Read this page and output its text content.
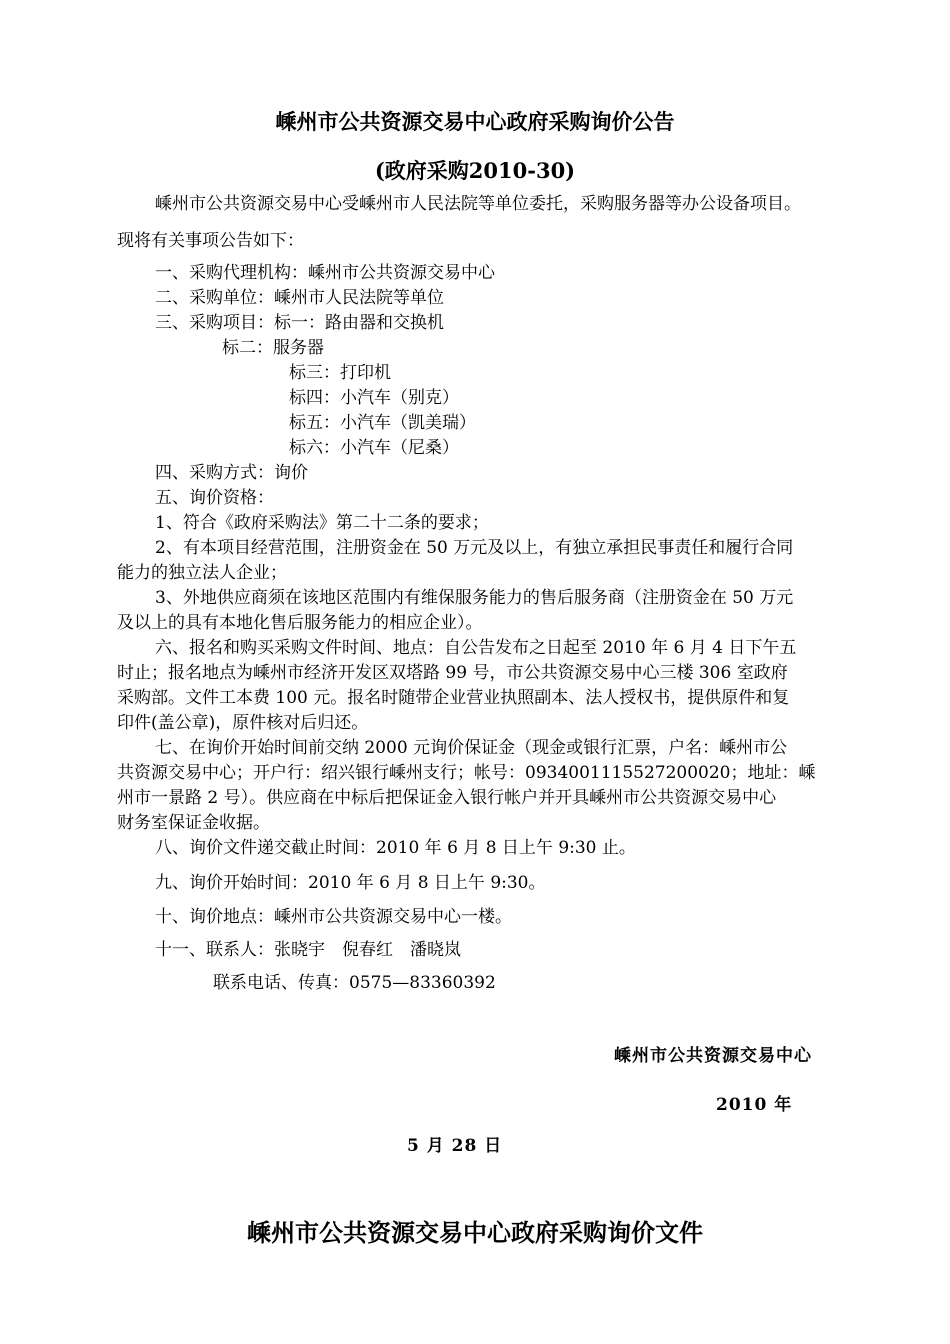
嵊州市公共资源交易中心政府采购询价公告
(政府采购2010-30)
嵊州市公共资源交易中心受嵊州市人民法院等单位委托，采购服务器等办公设备项目。
现将有关事项公告如下：
一、采购代理机构：嵊州市公共资源交易中心
二、采购单位：嵊州市人民法院等单位
三、采购项目：标一：路由器和交换机
标二：服务器
标三：打印机
标四：小汽车（别克）
标五：小汽车（凯美瑞）
标六：小汽车（尼桑）
四、采购方式：询价
五、询价资格：
1、符合《政府采购法》第二十二条的要求；
2、有本项目经营范围，注册资金在 50 万元及以上，有独立承担民事责任和履行合同
能力的独立法人企业；
3、外地供应商须在该地区范围内有维保服务能力的售后服务商（注册资金在 50 万元
及以上的具有本地化售后服务能力的相应企业）。
六、报名和购买采购文件时间、地点：自公告发布之日起至 2010 年 6 月 4 日下午五
时止；报名地点为嵊州市经济开发区双塔路 99 号，市公共资源交易中心三楼 306 室政府
采购部。文件工本费 100 元。报名时随带企业营业执照副本、法人授权书，提供原件和复
印件(盖公章)，原件核对后归还。
七、在询价开始时间前交纳 2000 元询价保证金（现金或银行汇票，户名：嵊州市公
共资源交易中心；开户行：绍兴银行嵊州支行；帐号：0934001115527200020；地址：嵊
州市一景路 2 号）。供应商在中标后把保证金入银行帐户并开具嵊州市公共资源交易中心
财务室保证金收据。
八、询价文件递交截止时间：2010 年 6 月 8 日上午 9:30 止。
九、询价开始时间：2010 年 6 月 8 日上午 9:30。
十、询价地点：嵊州市公共资源交易中心一楼。
十一、联系人：张晓宇　倪春红　潘晓岚
联系电话、传真：0575—83360392
嵊州市公共资源交易中心
2010 年
5 月 28 日
嵊州市公共资源交易中心政府采购询价文件
